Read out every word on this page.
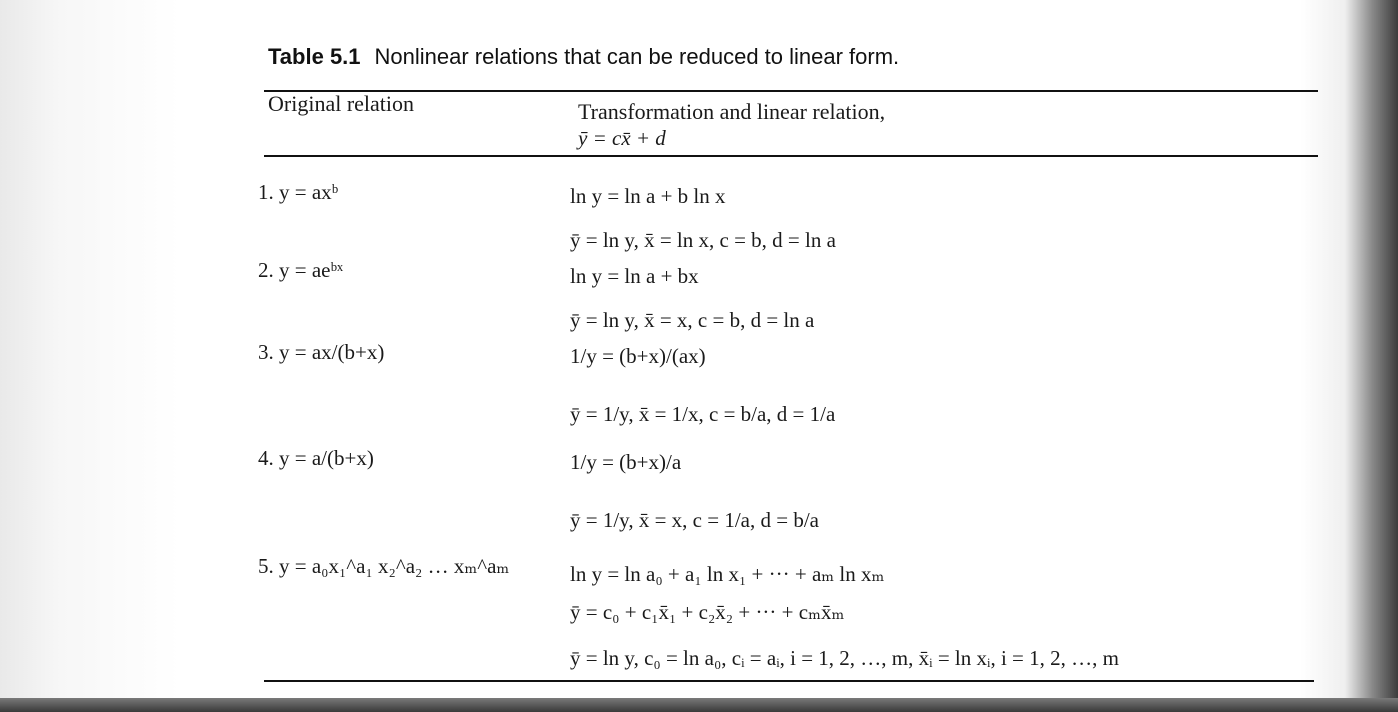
Table 5.1 Nonlinear relations that can be reduced to linear form.
Original relation	Transformation and linear relation,
ȳ = cx̄ + d
1. y = axᵇ	ln y = ln a + b ln x
ȳ = ln y, x̄ = ln x, c = b, d = ln a
2. y = aeᵇˣ	ln y = ln a + bx
ȳ = ln y, x̄ = x, c = b, d = ln a
3. y = ax/(b+x)	1/y = (b+x)/(ax)
ȳ = 1/y, x̄ = 1/x, c = b/a, d = 1/a
4. y = a/(b+x)	1/y = (b+x)/a
ȳ = 1/y, x̄ = x, c = 1/a, d = b/a
5. y = a₀x₁^a₁ x₂^a₂ … xₘ^aₘ	ln y = ln a₀ + a₁ ln x₁ + ··· + aₘ ln xₘ
ȳ = c₀ + c₁x̄₁ + c₂x̄₂ + ··· + cₘx̄ₘ
ȳ = ln y, c₀ = ln a₀, cᵢ = aᵢ, i = 1, 2, …, m, x̄ᵢ = ln xᵢ, i = 1, 2, …, m
